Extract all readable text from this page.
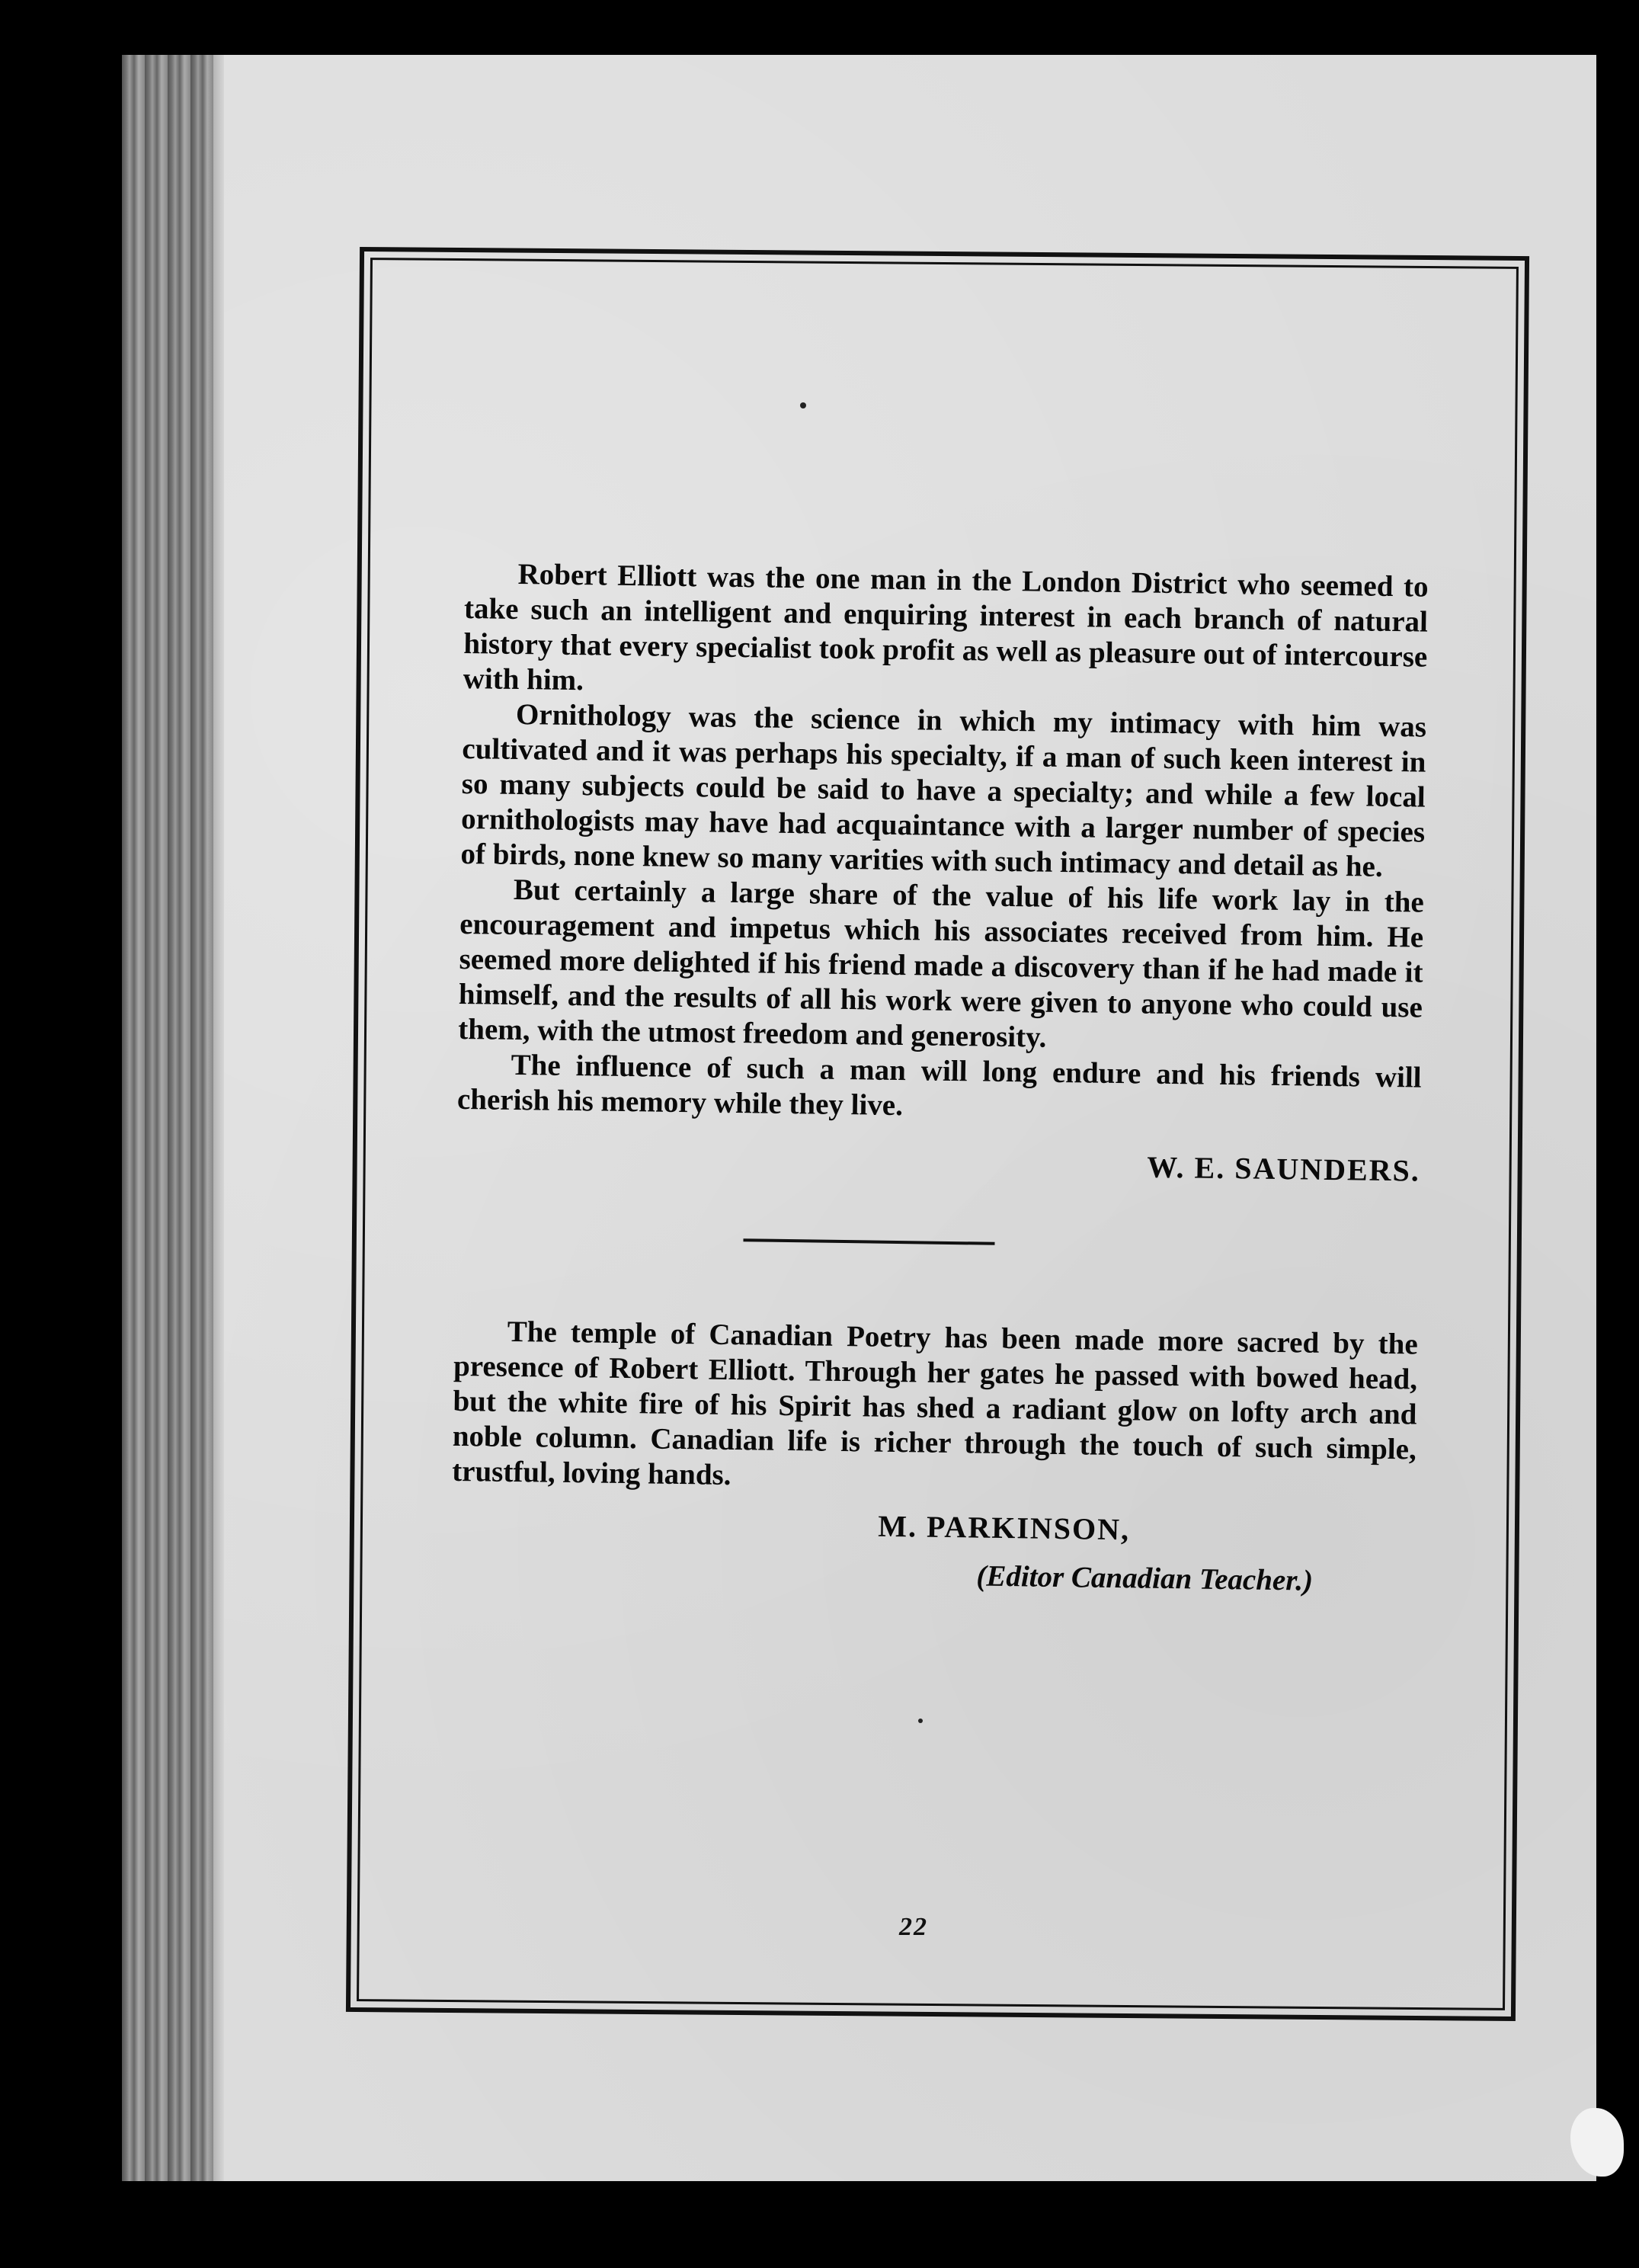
Robert Elliott was the one man in the London District who seemed to take such an intelligent and enquiring interest in each branch of natural history that every specialist took profit as well as pleasure out of intercourse with him.

Ornithology was the science in which my intimacy with him was cultivated and it was perhaps his specialty, if a man of such keen interest in so many subjects could be said to have a specialty; and while a few local ornithologists may have had acquaintance with a larger number of species of birds, none knew so many varities with such intimacy and detail as he.

But certainly a large share of the value of his life work lay in the encouragement and impetus which his associates received from him. He seemed more delighted if his friend made a discovery than if he had made it himself, and the results of all his work were given to anyone who could use them, with the utmost freedom and generosity.

The influence of such a man will long endure and his friends will cherish his memory while they live.

W. E. SAUNDERS.

The temple of Canadian Poetry has been made more sacred by the presence of Robert Elliott. Through her gates he passed with bowed head, but the white fire of his Spirit has shed a radiant glow on lofty arch and noble column. Canadian life is richer through the touch of such simple, trustful, loving hands.

M. PARKINSON,
(Editor Canadian Teacher.)
22
